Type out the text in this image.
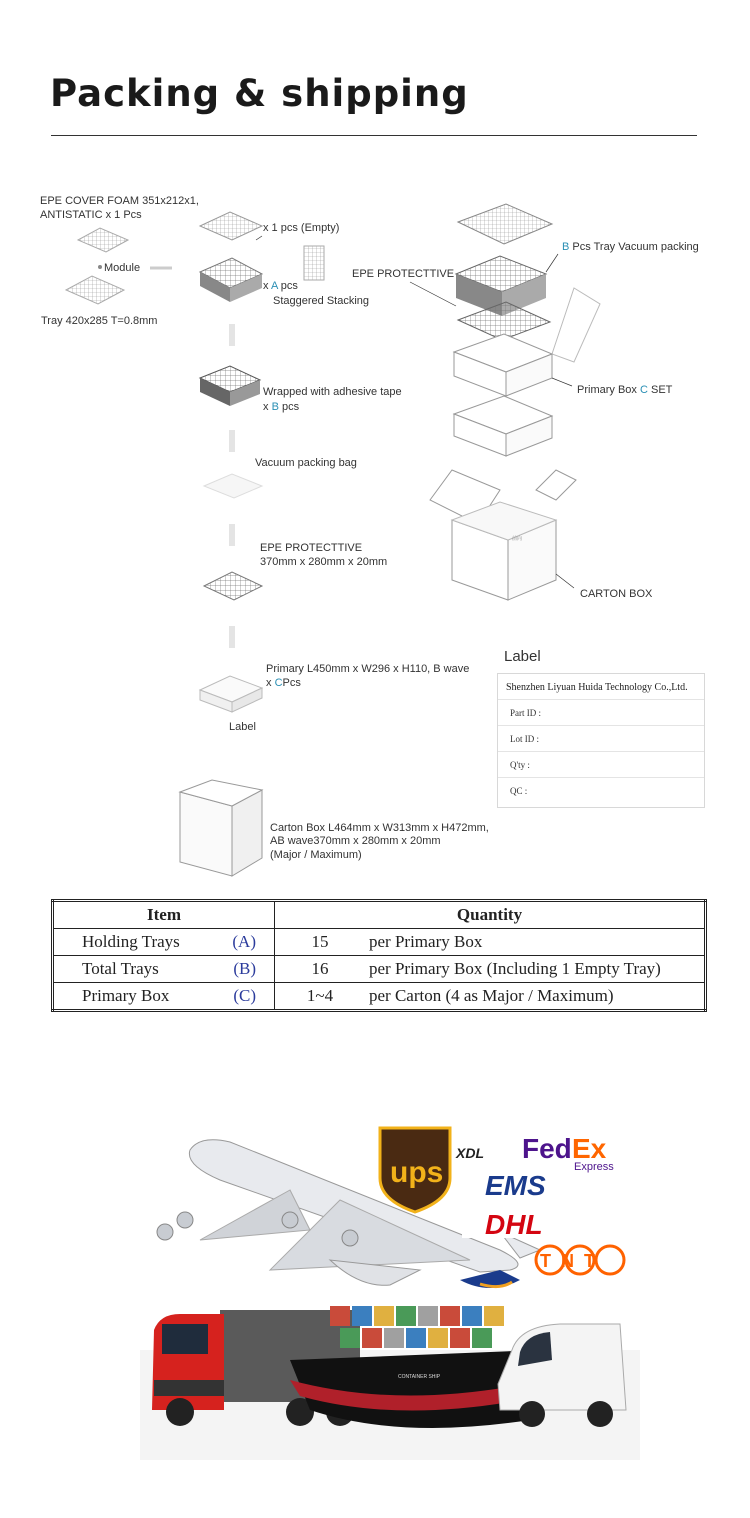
Packing & shipping
前向
EPE COVER FOAM 351x212x1,
ANTISTATIC x 1 Pcs
Module
Tray 420x285 T=0.8mm
x 1 pcs (Empty)
x A pcs
Staggered Stacking
Wrapped with adhesive tape
x B pcs
Vacuum packing bag
EPE PROTECTTIVE
370mm x 280mm x 20mm
Primary L450mm x W296 x H110, B wave
x CPcs
Label
Carton Box L464mm x W313mm x H472mm,
AB wave370mm x 280mm x 20mm
(Major / Maximum)
EPE PROTECTTIVE
B Pcs Tray Vacuum packing
Primary Box C SET
CARTON BOX
Label
Shenzhen Liyuan Huida Technology Co.,Ltd.
Part ID :
Lot ID :
Q'ty :
QC :
Item	Quantity

Holding Trays (A)	15 per Primary Box

Total Trays (B)	16 per Primary Box (Including 1 Empty Tray)

Primary Box (C)	1~4 per Carton (4 as Major / Maximum)
ups
XDL Fed Ex
Express
EMS
DHL
TNT
CONTAINER SHIP
